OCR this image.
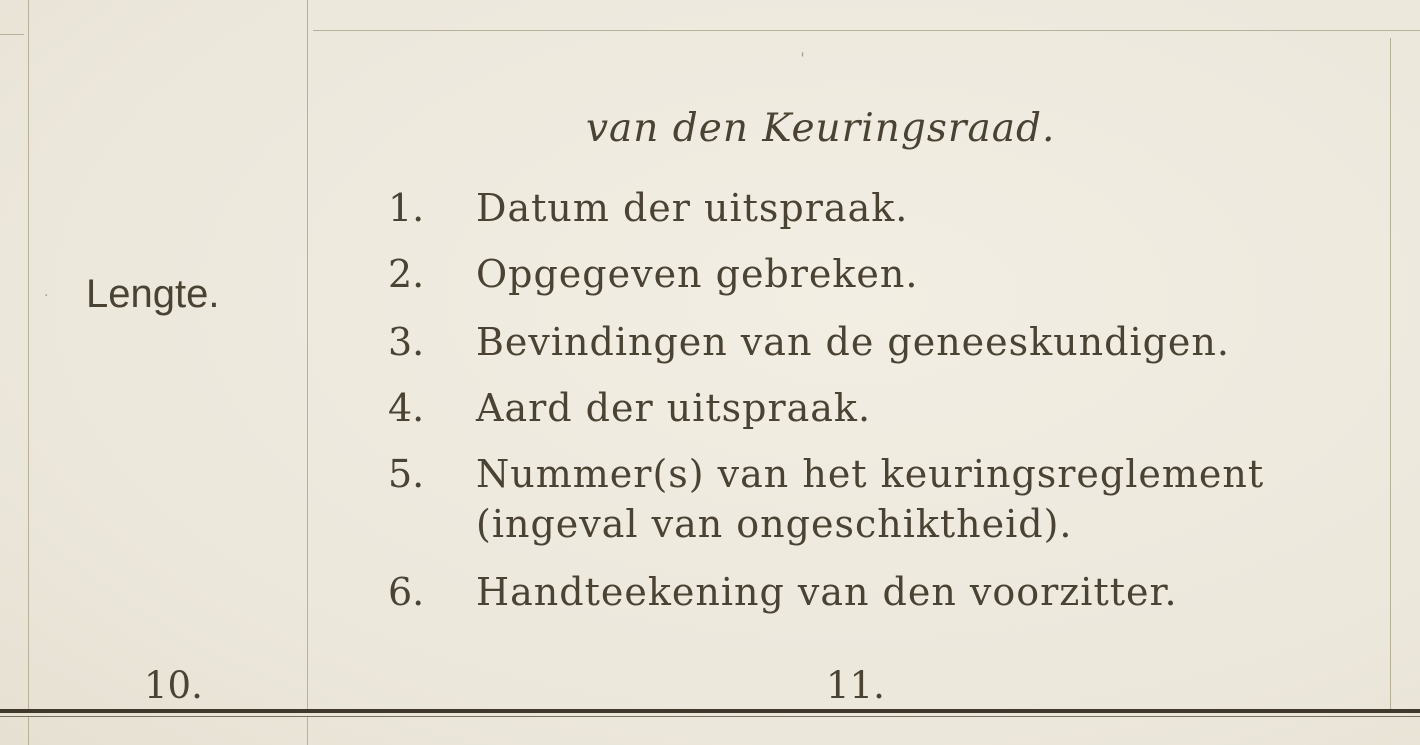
van den Keuringsraad.
Lengte.
1. Datum der uitspraak.
2. Opgegeven gebreken.
3. Bevindingen van de geneeskundigen.
4. Aard der uitspraak.
5. Nummer(s) van het keuringsreglement
(ingeval van ongeschiktheid).
6. Handteekening van den voorzitter.
10.	11.
·
ˈ
